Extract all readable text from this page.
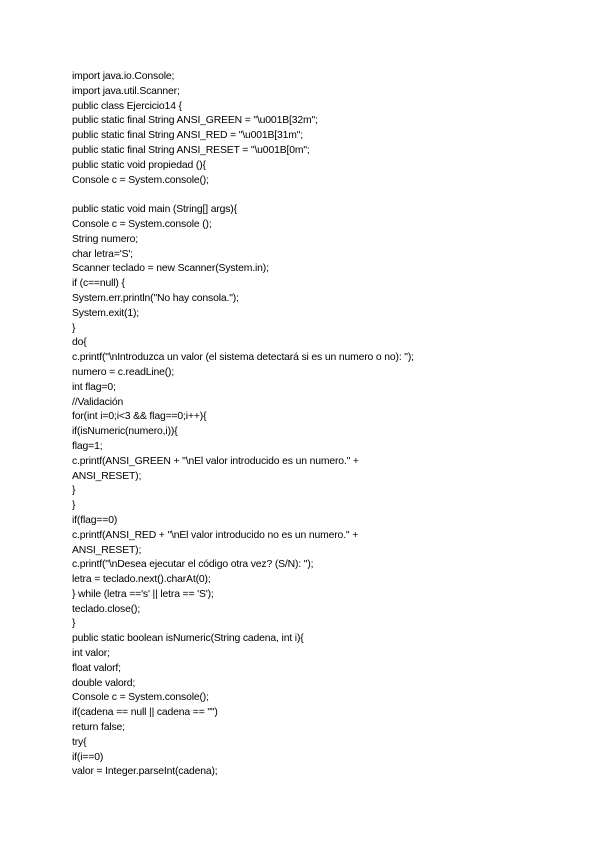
import java.io.Console;
import java.util.Scanner;
public class Ejercicio14 {
public static final String ANSI_GREEN = "\u001B[32m";
public static final String ANSI_RED = "\u001B[31m";
public static final String ANSI_RESET = "\u001B[0m";
public static void propiedad (){
Console c = System.console();
public static void main (String[] args){
Console c = System.console ();
String numero;
char letra='S';
Scanner teclado = new Scanner(System.in);
if (c==null) {
System.err.println("No hay consola.");
System.exit(1);
}
do{
c.printf("\nIntroduzca un valor (el sistema detectará si es un numero o no): ");
numero = c.readLine();
int flag=0;
//Validación
for(int i=0;i<3 && flag==0;i++){
if(isNumeric(numero,i)){
flag=1;
c.printf(ANSI_GREEN + "\nEl valor introducido es un numero." +
ANSI_RESET);
}
}
if(flag==0)
c.printf(ANSI_RED + "\nEl valor introducido no es un numero." +
ANSI_RESET);
c.printf("\nDesea ejecutar el código otra vez? (S/N): ");
letra = teclado.next().charAt(0);
} while (letra =='s' || letra == 'S');
teclado.close();
}
public static boolean isNumeric(String cadena, int i){
int valor;
float valorf;
double valord;
Console c = System.console();
if(cadena == null || cadena == "")
return false;
try{
if(i==0)
valor = Integer.parseInt(cadena);
